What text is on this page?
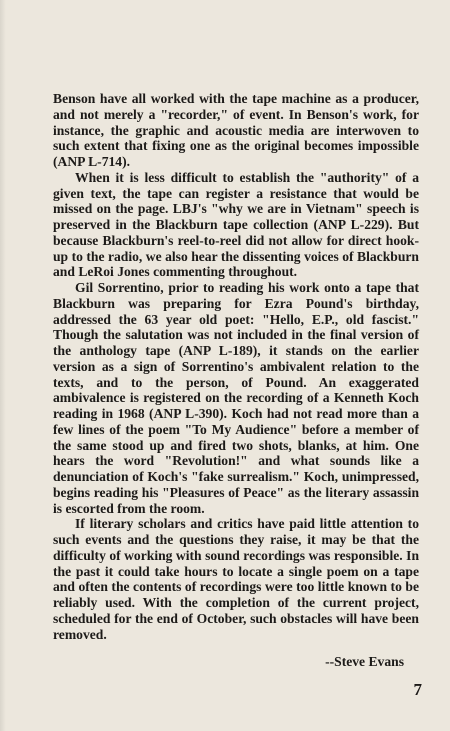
Benson have all worked with the tape machine as a producer, and not merely a "recorder," of event. In Benson's work, for instance, the graphic and acoustic media are interwoven to such extent that fixing one as the original becomes impossible (ANP L-714).

When it is less difficult to establish the "authority" of a given text, the tape can register a resistance that would be missed on the page. LBJ's "why we are in Vietnam" speech is preserved in the Blackburn tape collection (ANP L-229). But because Blackburn's reel-to-reel did not allow for direct hook-up to the radio, we also hear the dissenting voices of Blackburn and LeRoi Jones commenting throughout.

Gil Sorrentino, prior to reading his work onto a tape that Blackburn was preparing for Ezra Pound's birthday, addressed the 63 year old poet: "Hello, E.P., old fascist." Though the salutation was not included in the final version of the anthology tape (ANP L-189), it stands on the earlier version as a sign of Sorrentino's ambivalent relation to the texts, and to the person, of Pound. An exaggerated ambivalence is registered on the recording of a Kenneth Koch reading in 1968 (ANP L-390). Koch had not read more than a few lines of the poem "To My Audience" before a member of the same stood up and fired two shots, blanks, at him. One hears the word "Revolution!" and what sounds like a denunciation of Koch's "fake surrealism." Koch, unimpressed, begins reading his "Pleasures of Peace" as the literary assassin is escorted from the room.

If literary scholars and critics have paid little attention to such events and the questions they raise, it may be that the difficulty of working with sound recordings was responsible. In the past it could take hours to locate a single poem on a tape and often the contents of recordings were too little known to be reliably used. With the completion of the current project, scheduled for the end of October, such obstacles will have been removed.

--Steve Evans
7
